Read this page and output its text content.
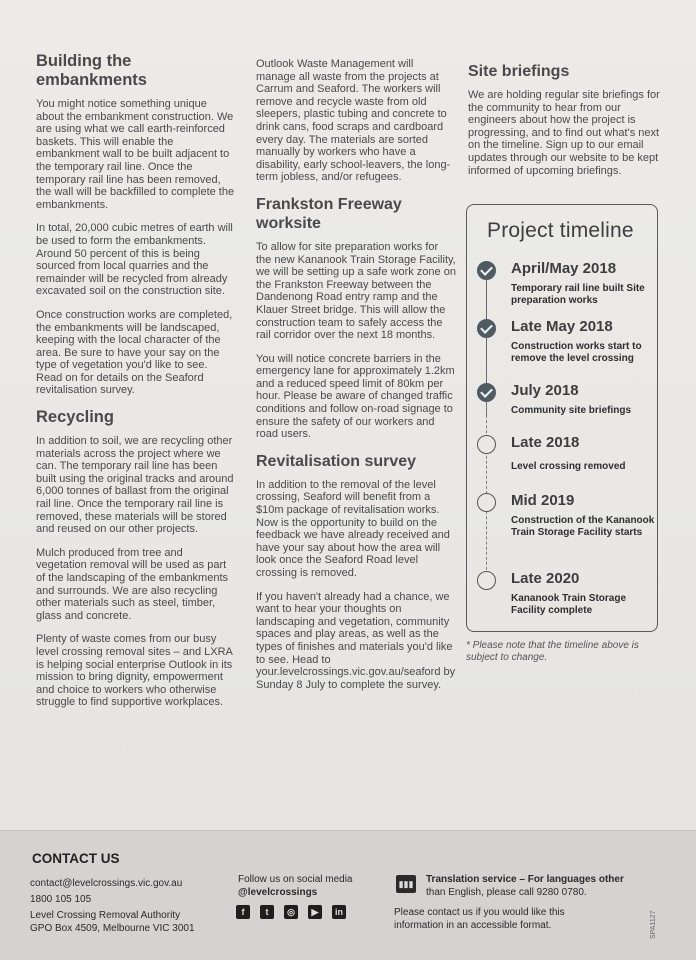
Building the embankments

You might notice something unique about the embankment construction. We are using what we call earth-reinforced baskets. This will enable the embankment wall to be built adjacent to the temporary rail line. Once the temporary rail line has been removed, the wall will be backfilled to complete the embankments.

In total, 20,000 cubic metres of earth will be used to form the embankments. Around 50 percent of this is being sourced from local quarries and the remainder will be recycled from already excavated soil on the construction site.

Once construction works are completed, the embankments will be landscaped, keeping with the local character of the area. Be sure to have your say on the type of vegetation you'd like to see. Read on for details on the Seaford revitalisation survey.

Recycling

In addition to soil, we are recycling other materials across the project where we can. The temporary rail line has been built using the original tracks and around 6,000 tonnes of ballast from the original rail line. Once the temporary rail line is removed, these materials will be stored and reused on our other projects.

Mulch produced from tree and vegetation removal will be used as part of the landscaping of the embankments and surrounds. We are also recycling other materials such as steel, timber, glass and concrete.

Plenty of waste comes from our busy level crossing removal sites – and LXRA is helping social enterprise Outlook in its mission to bring dignity, empowerment and choice to workers who otherwise struggle to find supportive workplaces.

Outlook Waste Management will manage all waste from the projects at Carrum and Seaford. The workers will remove and recycle waste from old sleepers, plastic tubing and concrete to drink cans, food scraps and cardboard every day. The materials are sorted manually by workers who have a disability, early school-leavers, the long-term jobless, and/or refugees.

Frankston Freeway worksite

To allow for site preparation works for the new Kananook Train Storage Facility, we will be setting up a safe work zone on the Frankston Freeway between the Dandenong Road entry ramp and the Klauer Street bridge. This will allow the construction team to safely access the rail corridor over the next 18 months.

You will notice concrete barriers in the emergency lane for approximately 1.2km and a reduced speed limit of 80km per hour. Please be aware of changed traffic conditions and follow on-road signage to ensure the safety of our workers and road users.

Revitalisation survey

In addition to the removal of the level crossing, Seaford will benefit from a $10m package of revitalisation works. Now is the opportunity to build on the feedback we have already received and have your say about how the area will look once the Seaford Road level crossing is removed.

If you haven't already had a chance, we want to hear your thoughts on landscaping and vegetation, community spaces and play areas, as well as the types of finishes and materials you'd like to see. Head to your.levelcrossings.vic.gov.au/seaford by Sunday 8 July to complete the survey.

Site briefings

We are holding regular site briefings for the community to hear from our engineers about how the project is progressing, and to find out what's next on the timeline. Sign up to our email updates through our website to be kept informed of upcoming briefings.

Project timeline
April/May 2018
Temporary rail line built Site preparation works
Late May 2018
Construction works start to remove the level crossing
July 2018
Community site briefings
Late 2018
Level crossing removed
Mid 2019
Construction of the Kananook Train Storage Facility starts
Late 2020
Kananook Train Storage Facility complete
* Please note that the timeline above is subject to change.
CONTACT US
contact@levelcrossings.vic.gov.au
1800 105 105
Level Crossing Removal Authority
GPO Box 4509, Melbourne VIC 3001
Follow us on social media
@levelcrossings
f	t	◎	▶	in
▮▮▮ Translation service – For languages other
than English, please call 9280 0780.
Please contact us if you would like this
information in an accessible format.	SPA1127
